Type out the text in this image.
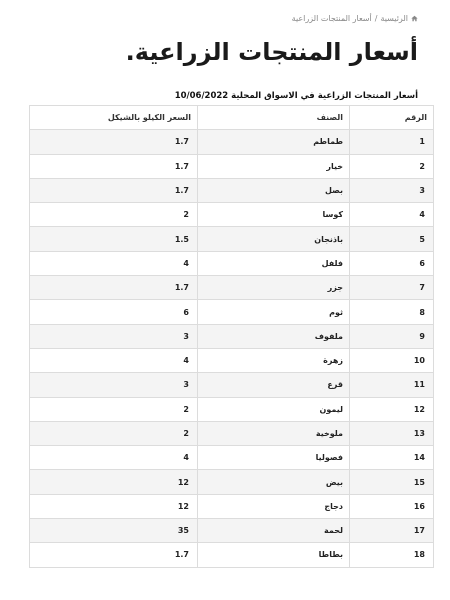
الرئيسية
/
أسعار المنتجات الزراعية
أسعار المنتجات الزراعية.
أسعار المنتجات الزراعية في الاسواق المحلية 10/06/2022
الرقم	الصنف	السعر الكيلو بالشيكل
1	طماطم	1.7
2	خيار	1.7
3	بصل	1.7
4	كوسا	2
5	باذنجان	1.5
6	فلفل	4
7	جزر	1.7
8	ثوم	6
9	ملفوف	3
10	زهرة	4
11	قرع	3
12	ليمون	2
13	ملوخية	2
14	فصوليا	4
15	بيض	12
16	دجاج	12
17	لحمة	35
18	بطاطا	1.7
